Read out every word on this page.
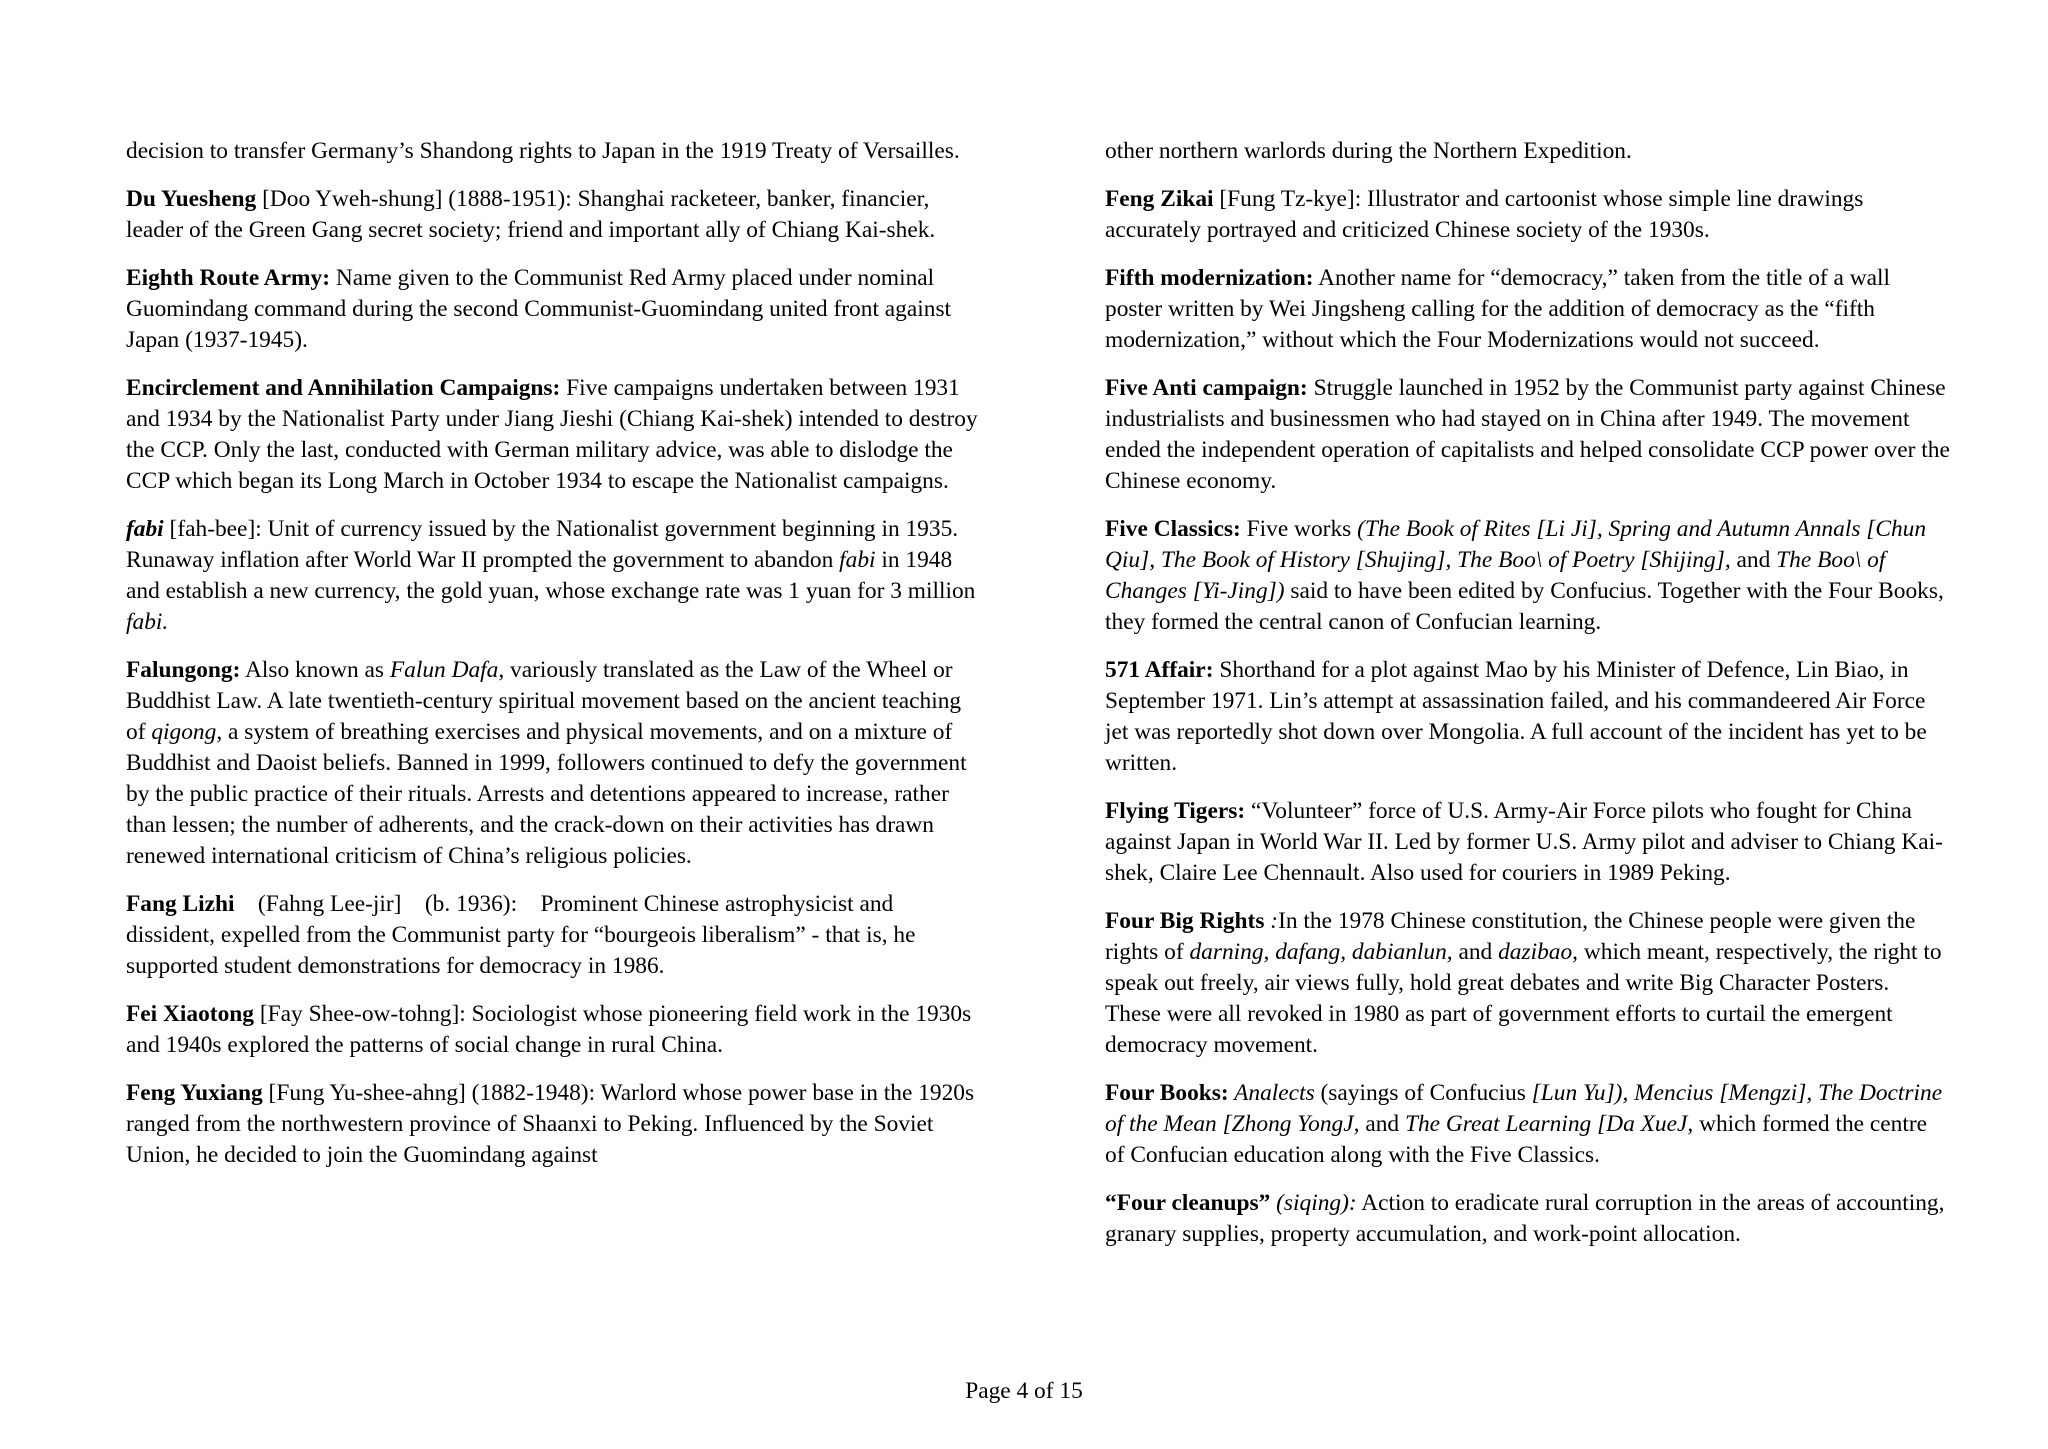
decision to transfer Germany’s Shandong rights to Japan in the 1919 Treaty of Versailles.

Du Yuesheng [Doo Yweh-shung] (1888-1951): Shanghai racketeer, banker, financier, leader of the Green Gang secret society; friend and important ally of Chiang Kai-shek.

Eighth Route Army: Name given to the Communist Red Army placed under nominal Guomindang command during the second Communist-Guomindang united front against Japan (1937-1945).

Encirclement and Annihilation Campaigns: Five campaigns undertaken between 1931 and 1934 by the Nationalist Party under Jiang Jieshi (Chiang Kai-shek) intended to destroy the CCP. Only the last, conducted with German military advice, was able to dislodge the CCP which began its Long March in October 1934 to escape the Nationalist campaigns.

fabi [fah-bee]: Unit of currency issued by the Nationalist government beginning in 1935. Runaway inflation after World War II prompted the government to abandon fabi in 1948 and establish a new currency, the gold yuan, whose exchange rate was 1 yuan for 3 million fabi.

Falungong: Also known as Falun Dafa, variously translated as the Law of the Wheel or Buddhist Law. A late twentieth-century spiritual movement based on the ancient teaching of qigong, a system of breathing exercises and physical movements, and on a mixture of Buddhist and Daoist beliefs. Banned in 1999, followers continued to defy the government by the public practice of their rituals. Arrests and detentions appeared to increase, rather than lessen; the number of adherents, and the crack-down on their activities has drawn renewed international criticism of China’s religious policies.

Fang Lizhi    (Fahng Lee-jir]    (b. 1936):    Prominent Chinese astrophysicist and    dissident, expelled from the Communist party for “bourgeois liberalism” - that is, he supported student demonstrations for democracy in 1986.

Fei Xiaotong [Fay Shee-ow-tohng]: Sociologist whose pioneering field work in the 1930s and 1940s explored the patterns of social change in rural China.

Feng Yuxiang [Fung Yu-shee-ahng] (1882-1948): Warlord whose power base in the 1920s ranged from the northwestern province of Shaanxi to Peking. Influenced by the Soviet Union, he decided to join the Guomindang against

other northern warlords during the Northern Expedition.

Feng Zikai [Fung Tz-kye]: Illustrator and cartoonist whose simple line drawings accurately portrayed and criticized Chinese society of the 1930s.

Fifth modernization: Another name for “democracy,” taken from the title of a wall poster written by Wei Jingsheng calling for the addition of democracy as the “fifth modernization,” without which the Four Modernizations would not succeed.

Five Anti campaign: Struggle launched in 1952 by the Communist party against Chinese industrialists and businessmen who had stayed on in China after 1949. The movement ended the independent operation of capitalists and helped consolidate CCP power over the Chinese economy.

Five Classics: Five works (The Book of Rites [Li Ji], Spring and Autumn Annals [Chun Qiu], The Book of History [Shujing], The Boo\ of Poetry [Shijing], and The Boo\ of Changes [Yi-Jing]) said to have been edited by Confucius. Together with the Four Books, they formed the central canon of Confucian learning.

571 Affair: Shorthand for a plot against Mao by his Minister of Defence, Lin Biao, in September 1971. Lin’s attempt at assassination failed, and his commandeered Air Force jet was reportedly shot down over Mongolia. A full account of the incident has yet to be written.

Flying Tigers: “Volunteer” force of U.S. Army-Air Force pilots who fought for China against Japan in World War II. Led by former U.S. Army pilot and adviser to Chiang Kai-shek, Claire Lee Chennault. Also used for couriers in 1989 Peking.

Four Big Rights :In the 1978 Chinese constitution, the Chinese people were given the rights of darning, dafang, dabianlun, and dazibao, which meant, respectively, the right to speak out freely, air views fully, hold great debates and write Big Character Posters. These were all revoked in 1980 as part of government efforts to curtail the emergent democracy movement.

Four Books: Analects (sayings of Confucius [Lun Yu]), Mencius [Mengzi], The Doctrine of the Mean [Zhong YongJ, and The Great Learning [Da XueJ, which formed the centre of Confucian education along with the Five Classics.

“Four cleanups” (siqing): Action to eradicate rural corruption in the areas of accounting, granary supplies, property accumulation, and work-point allocation.

Page 4 of 15
